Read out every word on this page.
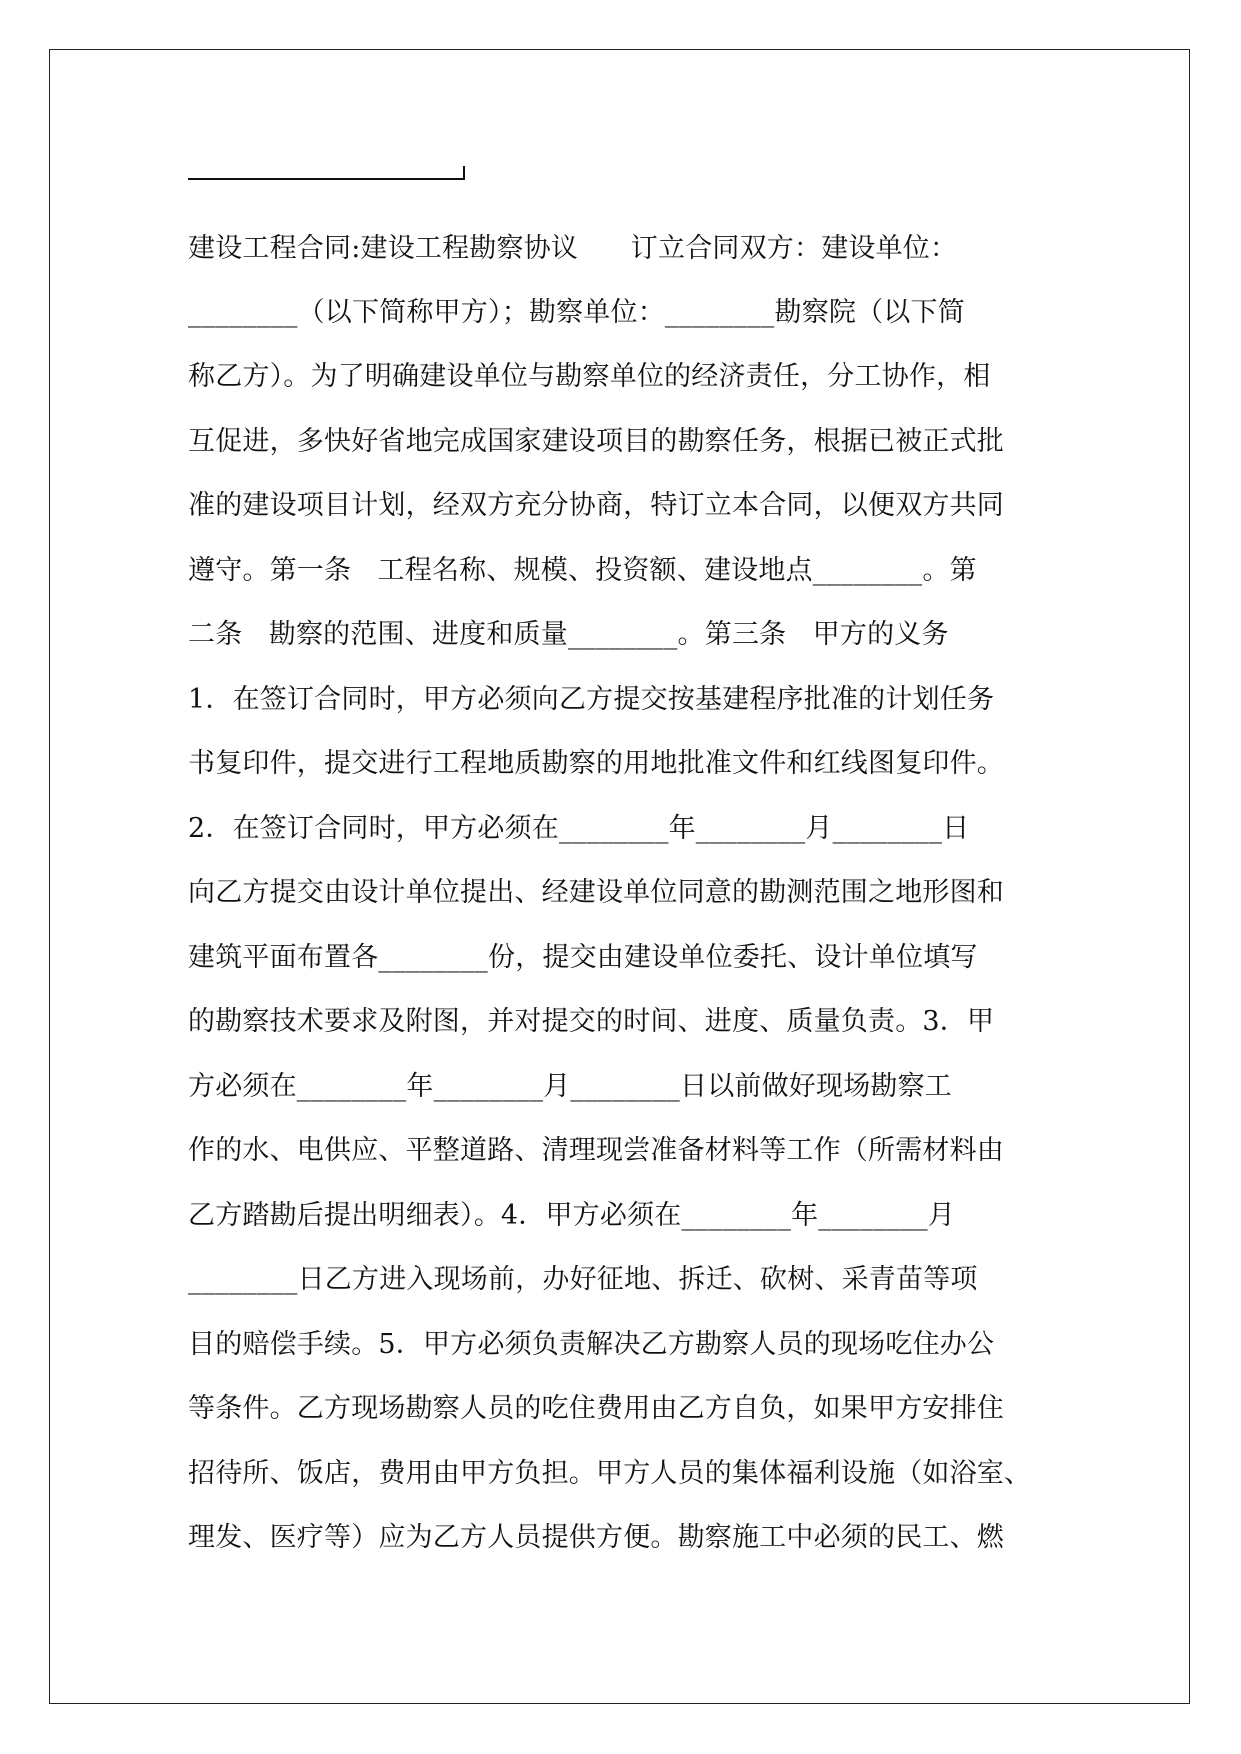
建设工程合同:建设工程勘察协议      订立合同双方：建设单位：
________（以下简称甲方）；勘察单位：________勘察院（以下简
称乙方）。为了明确建设单位与勘察单位的经济责任，分工协作，相
互促进，多快好省地完成国家建设项目的勘察任务，根据已被正式批
准的建设项目计划，经双方充分协商，特订立本合同，以便双方共同
遵守。第一条   工程名称、规模、投资额、建设地点________。第
二条   勘察的范围、进度和质量________。第三条   甲方的义务
1．在签订合同时，甲方必须向乙方提交按基建程序批准的计划任务
书复印件，提交进行工程地质勘察的用地批准文件和红线图复印件。
2．在签订合同时，甲方必须在________年________月________日
向乙方提交由设计单位提出、经建设单位同意的勘测范围之地形图和
建筑平面布置各________份，提交由建设单位委托、设计单位填写
的勘察技术要求及附图，并对提交的时间、进度、质量负责。3．甲
方必须在________年________月________日以前做好现场勘察工
作的水、电供应、平整道路、清理现尝准备材料等工作（所需材料由
乙方踏勘后提出明细表）。4．甲方必须在________年________月
________日乙方进入现场前，办好征地、拆迁、砍树、采青苗等项
目的赔偿手续。5．甲方必须负责解决乙方勘察人员的现场吃住办公
等条件。乙方现场勘察人员的吃住费用由乙方自负，如果甲方安排住
招待所、饭店，费用由甲方负担。甲方人员的集体福利设施（如浴室、
理发、医疗等）应为乙方人员提供方便。勘察施工中必须的民工、燃
